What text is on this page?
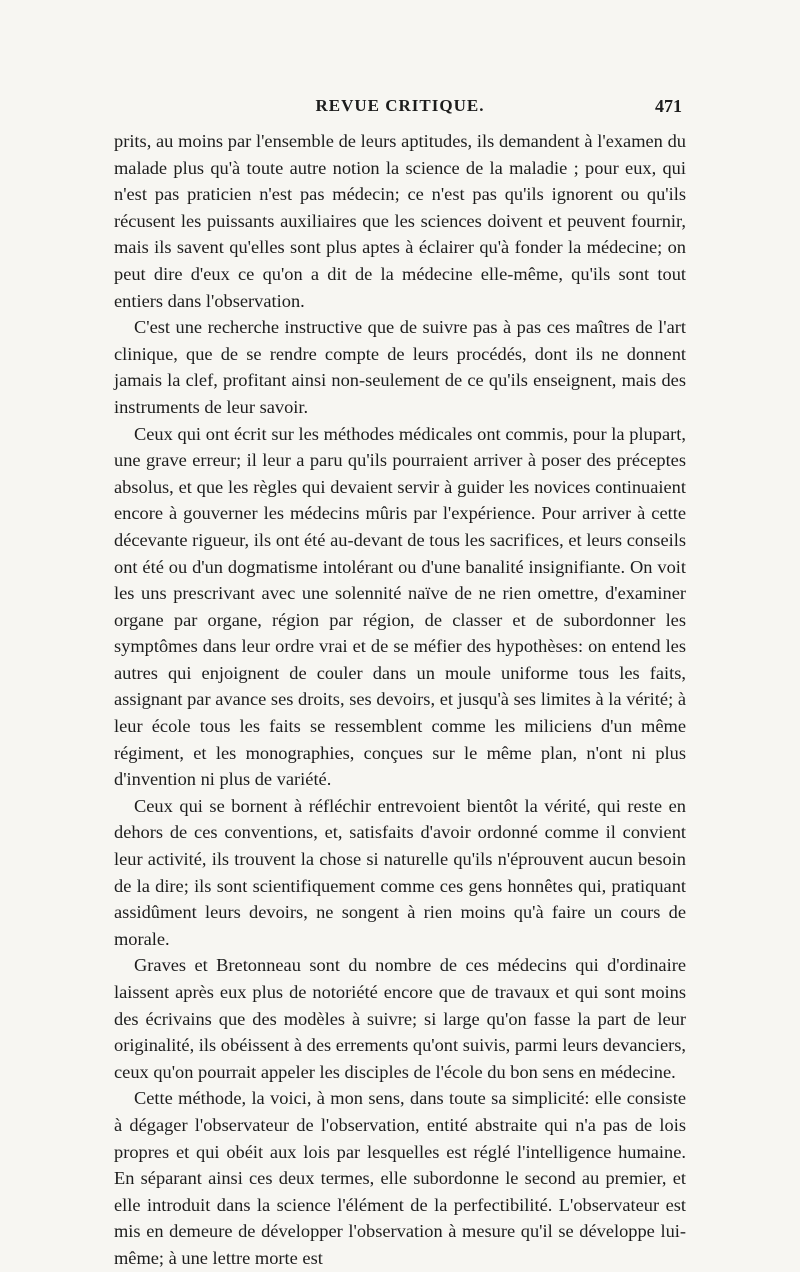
REVUE CRITIQUE.	471

prits, au moins par l'ensemble de leurs aptitudes, ils demandent à l'examen du malade plus qu'à toute autre notion la science de la maladie ; pour eux, qui n'est pas praticien n'est pas médecin; ce n'est pas qu'ils ignorent ou qu'ils récusent les puissants auxiliaires que les sciences doivent et peuvent fournir, mais ils savent qu'elles sont plus aptes à éclairer qu'à fonder la médecine; on peut dire d'eux ce qu'on a dit de la médecine elle-même, qu'ils sont tout entiers dans l'observation.

C'est une recherche instructive que de suivre pas à pas ces maîtres de l'art clinique, que de se rendre compte de leurs procédés, dont ils ne donnent jamais la clef, profitant ainsi non-seulement de ce qu'ils enseignent, mais des instruments de leur savoir.

Ceux qui ont écrit sur les méthodes médicales ont commis, pour la plupart, une grave erreur; il leur a paru qu'ils pourraient arriver à poser des préceptes absolus, et que les règles qui devaient servir à guider les novices continuaient encore à gouverner les médecins mûris par l'expérience. Pour arriver à cette décevante rigueur, ils ont été au-devant de tous les sacrifices, et leurs conseils ont été ou d'un dogmatisme intolérant ou d'une banalité insignifiante. On voit les uns prescrivant avec une solennité naïve de ne rien omettre, d'examiner organe par organe, région par région, de classer et de subordonner les symptômes dans leur ordre vrai et de se méfier des hypothèses: on entend les autres qui enjoignent de couler dans un moule uniforme tous les faits, assignant par avance ses droits, ses devoirs, et jusqu'à ses limites à la vérité; à leur école tous les faits se ressemblent comme les miliciens d'un même régiment, et les monographies, conçues sur le même plan, n'ont ni plus d'invention ni plus de variété.

Ceux qui se bornent à réfléchir entrevoient bientôt la vérité, qui reste en dehors de ces conventions, et, satisfaits d'avoir ordonné comme il convient leur activité, ils trouvent la chose si naturelle qu'ils n'éprouvent aucun besoin de la dire; ils sont scientifiquement comme ces gens honnêtes qui, pratiquant assidûment leurs devoirs, ne songent à rien moins qu'à faire un cours de morale.

Graves et Bretonneau sont du nombre de ces médecins qui d'ordinaire laissent après eux plus de notoriété encore que de travaux et qui sont moins des écrivains que des modèles à suivre; si large qu'on fasse la part de leur originalité, ils obéissent à des errements qu'ont suivis, parmi leurs devanciers, ceux qu'on pourrait appeler les disciples de l'école du bon sens en médecine.

Cette méthode, la voici, à mon sens, dans toute sa simplicité: elle consiste à dégager l'observateur de l'observation, entité abstraite qui n'a pas de lois propres et qui obéit aux lois par lesquelles est réglé l'intelligence humaine. En séparant ainsi ces deux termes, elle subordonne le second au premier, et elle introduit dans la science l'élément de la perfectibilité. L'observateur est mis en demeure de développer l'observation à mesure qu'il se développe lui-même; à une lettre morte est
